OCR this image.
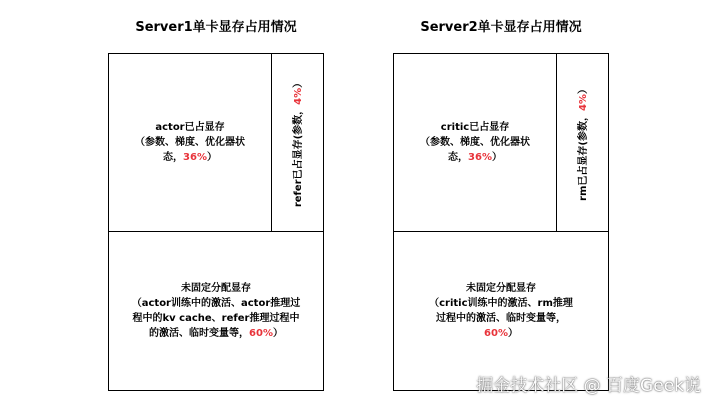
Server1单卡显存占用情况
actor已占显存
（参数、梯度、优化器状态，36%）	refer已占显存(参数，4%）
未固定分配显存
（actor训练中的激活、actor推理过程中的kv cache、refer推理过程中的激活、临时变量等，60%）
Server2单卡显存占用情况
critic已占显存
（参数、梯度、优化器状态，36%）	rm已占显存(参数，4%）
未固定分配显存
（critic训练中的激活、rm推理过程中的激活、临时变量等，60%）
掘金技术社区 @ 百度Geek说
